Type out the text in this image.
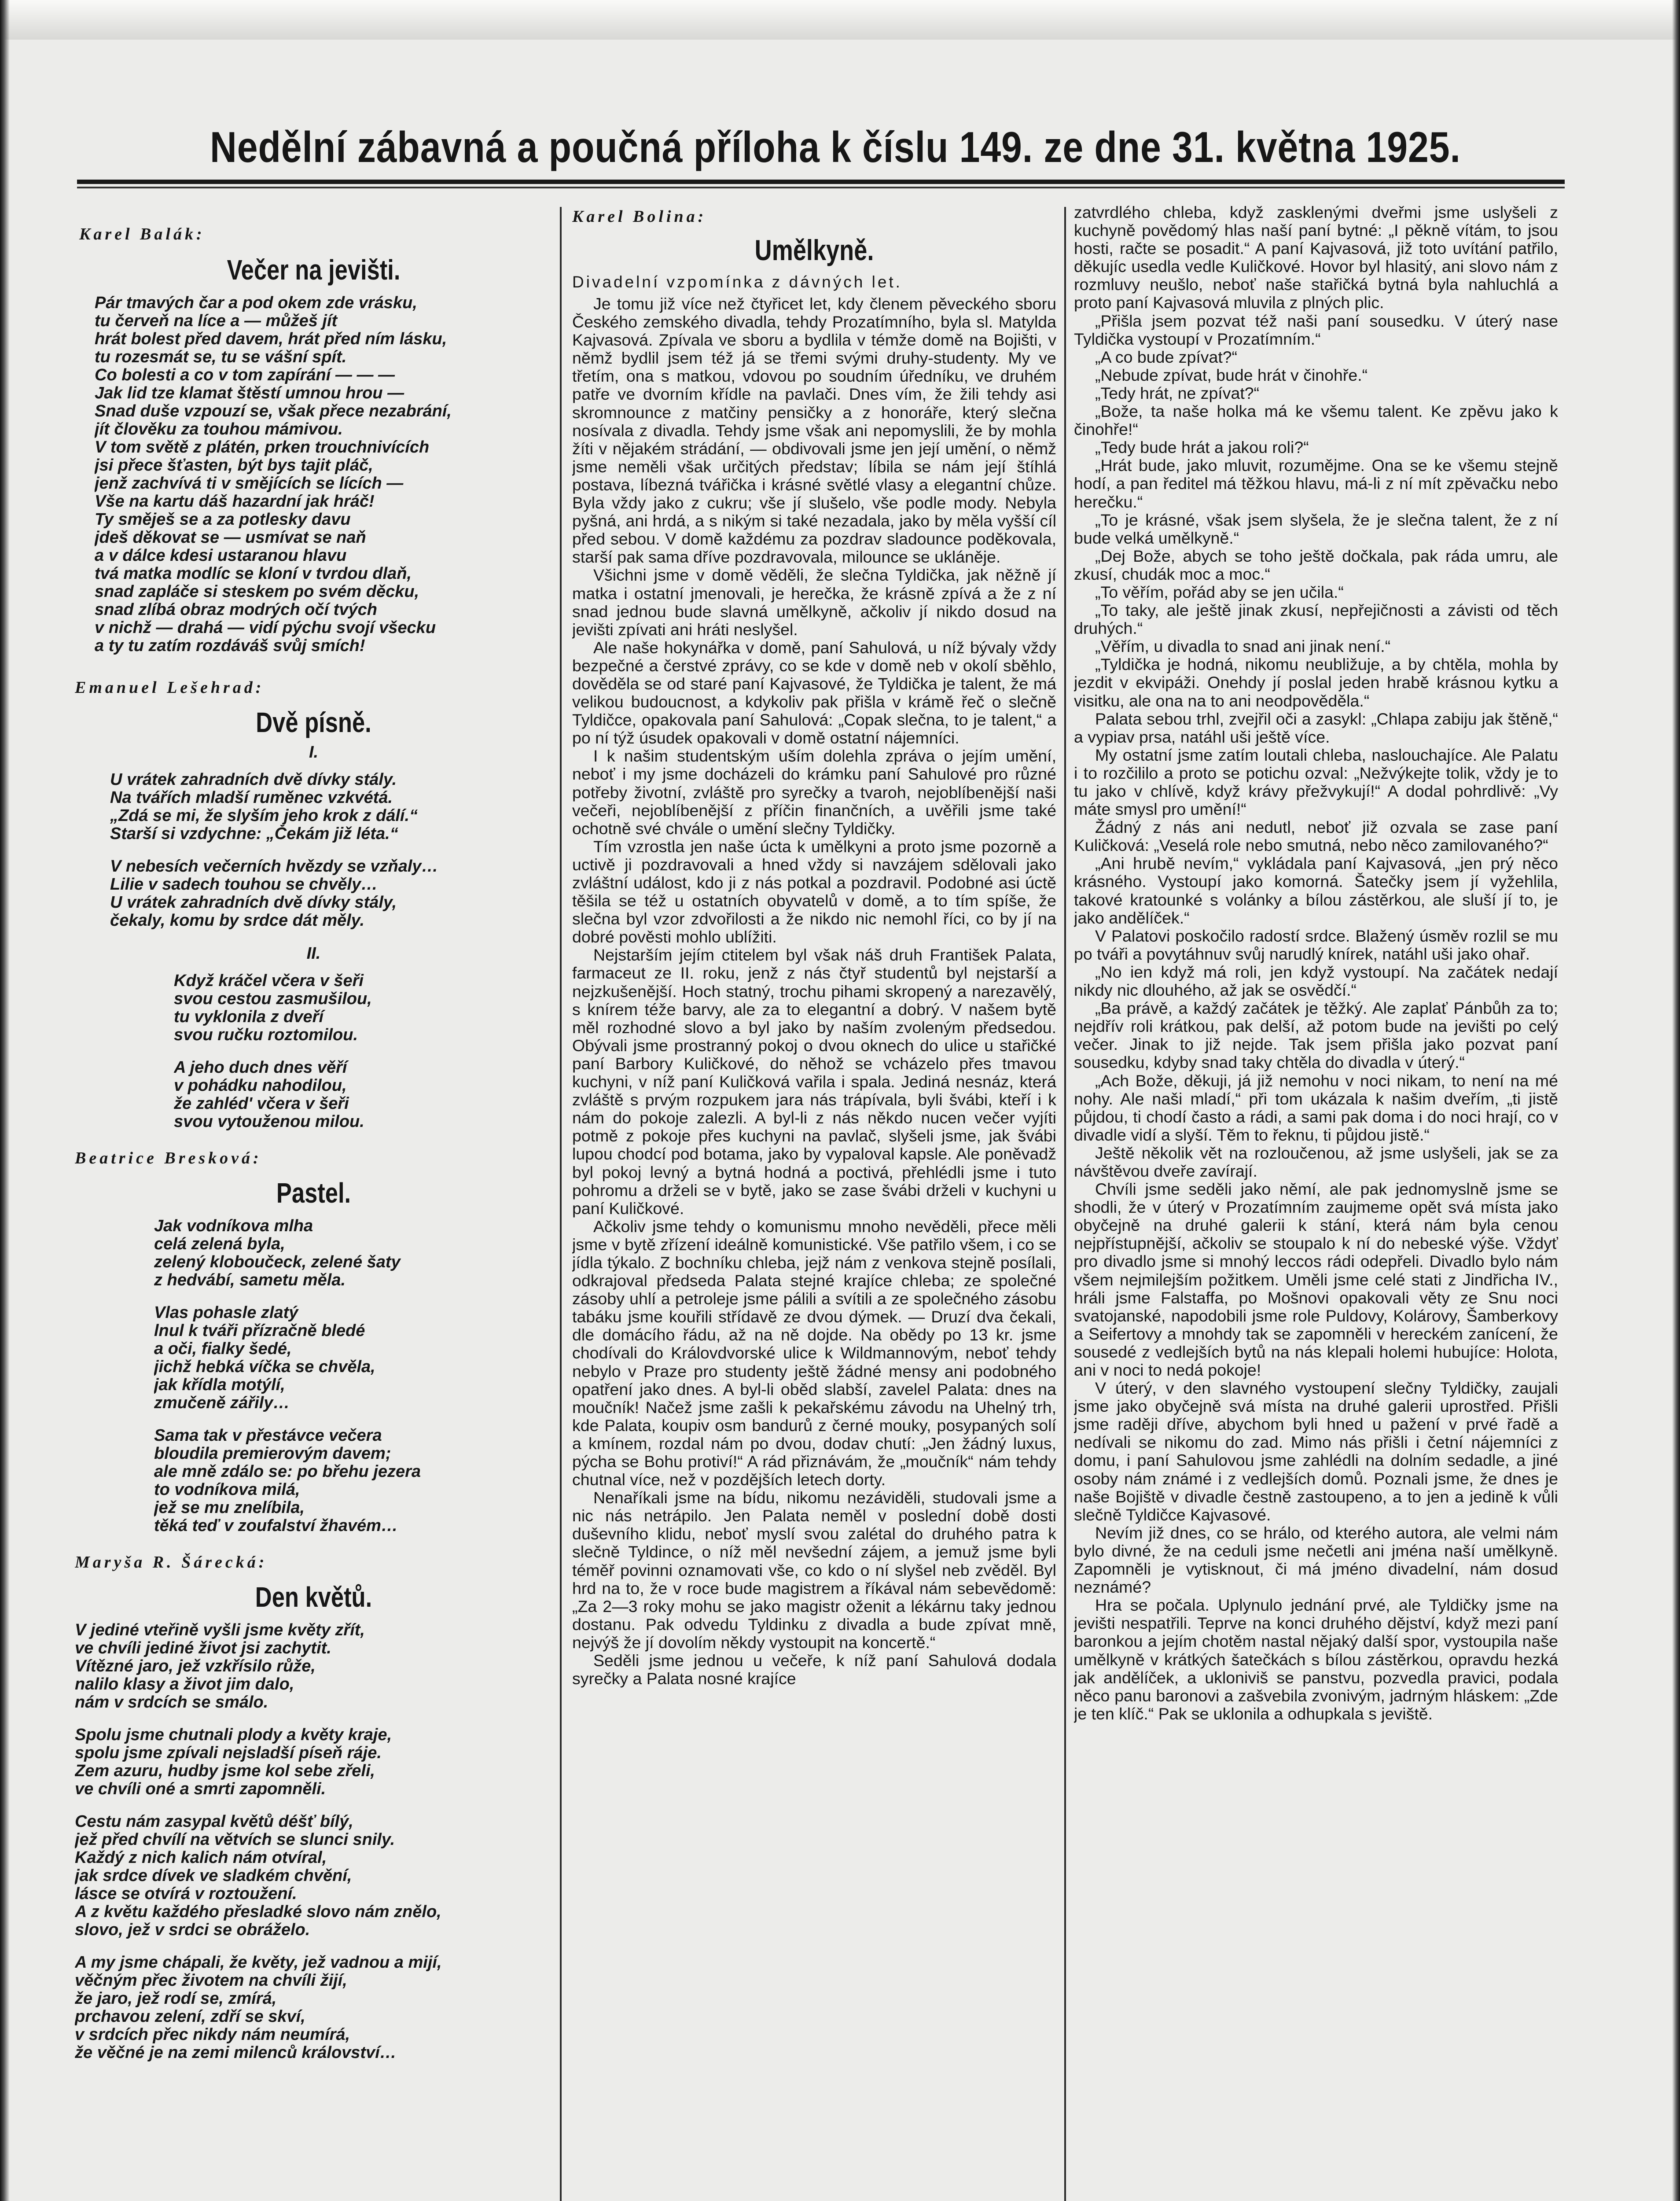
Nedělní zábavná a poučná příloha k číslu 149. ze dne 31. května 1925.
Karel Balák:
Večer na jevišti.
Pár tmavých čar a pod okem zde vrásku,
tu červeň na líce a — můžeš jít
hrát bolest před davem, hrát před ním lásku,
tu rozesmát se, tu se vášní spít.
Co bolesti a co v tom zapírání — — —
Jak lid tze klamat štěstí umnou hrou —
Snad duše vzpouzí se, však přece nezabrání,
jít člověku za touhou mámivou.
V tom světě z plátén, prken trouchnivících
jsi přece šťasten, být bys tajit pláč,
jenž zachvívá ti v smějících se lících —
Vše na kartu dáš hazardní jak hráč!
Ty směješ se a za potlesky davu
jdeš děkovat se — usmívat se naň
a v dálce kdesi ustaranou hlavu
tvá matka modlíc se kloní v tvrdou dlaň,
snad zapláče si steskem po svém děcku,
snad zlíbá obraz modrých očí tvých
v nichž — drahá — vidí pýchu svojí všecku
a ty tu zatím rozdáváš svůj smích!
Emanuel Lešehrad:
Dvě písně.
I.
U vrátek zahradních dvě dívky stály.
Na tvářích mladší ruměnec vzkvétá.
„Zdá se mi, že slyším jeho krok z dálí.“
Starší si vzdychne: „Čekám již léta.“
V nebesích večerních hvězdy se vzňaly…
Lilie v sadech touhou se chvěly…
U vrátek zahradních dvě dívky stály,
čekaly, komu by srdce dát měly.
II.
Když kráčel včera v šeři
svou cestou zasmušilou,
tu vyklonila z dveří
svou ručku roztomilou.
A jeho duch dnes věří
v pohádku nahodilou,
že zahléd' včera v šeři
svou vytouženou milou.
Beatrice Bresková:
Pastel.
Jak vodníkova mlha
celá zelená byla,
zelený kloboučeck, zelené šaty
z hedvábí, sametu měla.
Vlas pohasle zlatý
lnul k tváři přízračně bledé
a oči, fialky šedé,
jichž hebká víčka se chvěla,
jak křídla motýlí,
zmučeně zářily…
Sama tak v přestávce večera
bloudila premierovým davem;
ale mně zdálo se: po břehu jezera
to vodníkova milá,
jež se mu znelíbila,
těká teď v zoufalství žhavém…
Maryša R. Šárecká:
Den květů.
V jediné vteřině vyšli jsme květy zřít,
ve chvíli jediné život jsi zachytit.
Vítězné jaro, jež vzkřísilo růže,
nalilo klasy a život jim dalo,
nám v srdcích se smálo.
Spolu jsme chutnali plody a květy kraje,
spolu jsme zpívali nejsladší píseň ráje.
Zem azuru, hudby jsme kol sebe zřeli,
ve chvíli oné a smrti zapomněli.
Cestu nám zasypal květů déšť bílý,
jež před chvílí na větvích se slunci snily.
Každý z nich kalich nám otvíral,
jak srdce dívek ve sladkém chvění,
lásce se otvírá v roztoužení.
A z květu každého přesladké slovo nám znělo,
slovo, jež v srdci se obráželo.
A my jsme chápali, že květy, jež vadnou a mijí,
věčným přec životem na chvíli žijí,
že jaro, jež rodí se, zmírá,
prchavou zelení, zdří se skví,
v srdcích přec nikdy nám neumírá,
že věčné je na zemi milenců království…
Karel Bolina:
Umělkyně.
Divadelní vzpomínka z dávných let.

Je tomu již více než čtyřicet let, kdy členem pěveckého sboru Českého zemského divadla, tehdy Prozatímního, byla sl. Matylda Kajvasová. Zpívala ve sboru a bydlila v témže domě na Bojišti, v němž bydlil jsem též já se třemi svými druhy-studenty. My ve třetím, ona s matkou, vdovou po soudním úředníku, ve druhém patře ve dvorním křídle na pavlači. Dnes vím, že žili tehdy asi skromnounce z matčiny pensičky a z honoráře, který slečna nosívala z divadla. Tehdy jsme však ani nepomyslili, že by mohla žíti v nějakém strádání, — obdivovali jsme jen její umění, o němž jsme neměli však určitých představ; líbila se nám její štíhlá postava, líbezná tvářička i krásné světlé vlasy a elegantní chůze. Byla vždy jako z cukru; vše jí slušelo, vše podle mody. Nebyla pyšná, ani hrdá, a s nikým si také nezadala, jako by měla vyšší cíl před sebou. V domě každému za pozdrav sladounce poděkovala, starší pak sama dříve pozdravovala, milounce se ukláněje.

Všichni jsme v domě věděli, že slečna Tyldička, jak něžně jí matka i ostatní jmenovali, je herečka, že krásně zpívá a že z ní snad jednou bude slavná umělkyně, ačkoliv jí nikdo dosud na jevišti zpívati ani hráti neslyšel.

Ale naše hokynářka v domě, paní Sahulová, u níž bývaly vždy bezpečné a čerstvé zprávy, co se kde v domě neb v okolí sběhlo, dověděla se od staré paní Kajvasové, že Tyldička je talent, že má velikou budoucnost, a kdykoliv pak přišla v krámě řeč o slečně Tyldičce, opakovala paní Sahulová: „Copak slečna, to je talent,“ a po ní týž úsudek opakovali v domě ostatní nájemníci.

I k našim studentským uším dolehla zpráva o jejím umění, neboť i my jsme docházeli do krámku paní Sahulové pro různé potřeby životní, zvláště pro syrečky a tvaroh, nejoblíbenější naši večeři, nejoblíbenější z příčin finančních, a uvěřili jsme také ochotně své chvále o umění slečny Tyldičky.

Tím vzrostla jen naše úcta k umělkyni a proto jsme pozorně a uctivě ji pozdravovali a hned vždy si navzájem sdělovali jako zvláštní událost, kdo ji z nás potkal a pozdravil. Podobné asi úctě těšila se též u ostatních obyvatelů v domě, a to tím spíše, že slečna byl vzor zdvořilosti a že nikdo nic nemohl říci, co by jí na dobré pověsti mohlo ublížiti.

Nejstarším jejím ctitelem byl však náš druh František Palata, farmaceut ze II. roku, jenž z nás čtyř studentů byl nejstarší a nejzkušenější. Hoch statný, trochu pihami skropený a narezavělý, s knírem téže barvy, ale za to elegantní a dobrý. V našem bytě měl rozhodné slovo a byl jako by naším zvoleným předsedou. Obývali jsme prostranný pokoj o dvou oknech do ulice u stařičké paní Barbory Kuličkové, do něhož se vcházelo přes tmavou kuchyni, v níž paní Kuličková vařila i spala. Jediná nesnáz, která zvláště s prvým rozpukem jara nás trápívala, byli švábi, kteří i k nám do pokoje zalezli. A byl-li z nás někdo nucen večer vyjíti potmě z pokoje přes kuchyni na pavlač, slyšeli jsme, jak švábi lupou chodcí pod botama, jako by vypaloval kapsle. Ale poněvadž byl pokoj levný a bytná hodná a poctivá, přehlédli jsme i tuto pohromu a drželi se v bytě, jako se zase švábi drželi v kuchyni u paní Kuličkové.

Ačkoliv jsme tehdy o komunismu mnoho nevěděli, přece měli jsme v bytě zřízení ideálně komunistické. Vše patřilo všem, i co se jídla týkalo. Z bochníku chleba, jejž nám z venkova stejně posílali, odkrajoval předseda Palata stejné krajíce chleba; ze společné zásoby uhlí a petroleje jsme pálili a svítili a ze společného zásobu tabáku jsme kouřili střídavě ze dvou dýmek. — Druzí dva čekali, dle domácího řádu, až na ně dojde. Na obědy po 13 kr. jsme chodívali do Královdvorské ulice k Wildmannovým, neboť tehdy nebylo v Praze pro studenty ještě žádné mensy ani podobného opatření jako dnes. A byl-li oběd slabší, zavelel Palata: dnes na moučník! Načež jsme zašli k pekařskému závodu na Uhelný trh, kde Palata, koupiv osm bandurů z černé mouky, posypaných solí a kmínem, rozdal nám po dvou, dodav chutí: „Jen žádný luxus, pýcha se Bohu protiví!“ A rád přiznávám, že „moučník“ nám tehdy chutnal více, než v pozdějších letech dorty.

Nenaříkali jsme na bídu, nikomu nezáviděli, studovali jsme a nic nás netrápilo. Jen Palata neměl v poslední době dosti duševního klidu, neboť myslí svou zalétal do druhého patra k slečně Tyldince, o níž měl nevšední zájem, a jemuž jsme byli téměř povinni oznamovati vše, co kdo o ní slyšel neb zvěděl. Byl hrd na to, že v roce bude magistrem a říkával nám sebevědomě: „Za 2—3 roky mohu se jako magistr oženit a lékárnu taky jednou dostanu. Pak odvedu Tyldinku z divadla a bude zpívat mně, nejvýš že jí dovolím někdy vystoupit na koncertě.“

Seděli jsme jednou u večeře, k níž paní Sahulová dodala syrečky a Palata nosné krajíce

zatvrdlého chleba, když zasklenými dveřmi jsme uslyšeli z kuchyně povědomý hlas naší paní bytné: „I pěkně vítám, to jsou hosti, račte se posadit.“ A paní Kajvasová, již toto uvítání patřilo, děkujíc usedla vedle Kuličkové. Hovor byl hlasitý, ani slovo nám z rozmluvy neušlo, neboť naše stařičká bytná byla nahluchlá a proto paní Kajvasová mluvila z plných plic.

„Přišla jsem pozvat též naši paní sousedku. V úterý nase Tyldička vystoupí v Prozatímním.“

„A co bude zpívat?“

„Nebude zpívat, bude hrát v činohře.“

„Tedy hrát, ne zpívat?“

„Bože, ta naše holka má ke všemu talent. Ke zpěvu jako k činohře!“

„Tedy bude hrát a jakou roli?“

„Hrát bude, jako mluvit, rozumějme. Ona se ke všemu stejně hodí, a pan ředitel má těžkou hlavu, má-li z ní mít zpěvačku nebo herečku.“

„To je krásné, však jsem slyšela, že je slečna talent, že z ní bude velká umělkyně.“

„Dej Bože, abych se toho ještě dočkala, pak ráda umru, ale zkusí, chudák moc a moc.“

„To věřím, pořád aby se jen učila.“

„To taky, ale ještě jinak zkusí, nepřejičnosti a závisti od těch druhých.“

„Věřím, u divadla to snad ani jinak není.“

„Tyldička je hodná, nikomu neubližuje, a by chtěla, mohla by jezdit v ekvipáži. Onehdy jí poslal jeden hrabě krásnou kytku a visitku, ale ona na to ani neodpověděla.“

Palata sebou trhl, zvejřil oči a zasykl: „Chlapa zabiju jak štěně,“ a vypiav prsa, natáhl uši ještě více.

My ostatní jsme zatím loutali chleba, naslouchajíce. Ale Palatu i to rozčililo a proto se potichu ozval: „Nežvýkejte tolik, vždy je to tu jako v chlívě, když krávy přežvykují!“ A dodal pohrdlivě: „Vy máte smysl pro umění!“

Žádný z nás ani nedutl, neboť již ozvala se zase paní Kuličková: „Veselá role nebo smutná, nebo něco zamilovaného?“

„Ani hrubě nevím,“ vykládala paní Kajvasová, „jen prý něco krásného. Vystoupí jako komorná. Šatečky jsem jí vyžehlila, takové kratounké s volánky a bílou zástěrkou, ale sluší jí to, je jako andělíček.“

V Palatovi poskočilo radostí srdce. Blažený úsměv rozlil se mu po tváři a povytáhnuv svůj narudlý knírek, natáhl uši jako ohař.

„No ien když má roli, jen když vystoupí. Na začátek nedají nikdy nic dlouhého, až jak se osvědčí.“

„Ba právě, a každý začátek je těžký. Ale zaplať Pánbůh za to; nejdřív roli krátkou, pak delší, až potom bude na jevišti po celý večer. Jinak to již nejde. Tak jsem přišla jako pozvat paní sousedku, kdyby snad taky chtěla do divadla v úterý.“

„Ach Bože, děkuji, já již nemohu v noci nikam, to není na mé nohy. Ale naši mladí,“ při tom ukázala k našim dveřím, „ti jistě půjdou, ti chodí často a rádi, a sami pak doma i do noci hrají, co v divadle vidí a slyší. Těm to řeknu, ti půjdou jistě.“

Ještě několik vět na rozloučenou, až jsme uslyšeli, jak se za návštěvou dveře zavírají.

Chvíli jsme seděli jako němí, ale pak jednomyslně jsme se shodli, že v úterý v Prozatímním zaujmeme opět svá místa jako obyčejně na druhé galerii k stání, která nám byla cenou nejpřístupnější, ačkoliv se stoupalo k ní do nebeské výše. Vždyť pro divadlo jsme si mnohý leccos rádi odepřeli. Divadlo bylo nám všem nejmilejším požitkem. Uměli jsme celé stati z Jindřicha IV., hráli jsme Falstaffa, po Mošnovi opakovali věty ze Snu noci svatojanské, napodobili jsme role Puldovy, Kolárovy, Šamberkovy a Seifertovy a mnohdy tak se zapomněli v hereckém zanícení, že sousedé z vedlejších bytů na nás klepali holemi hubujíce: Holota, ani v noci to nedá pokoje!

V úterý, v den slavného vystoupení slečny Tyldičky, zaujali jsme jako obyčejně svá místa na druhé galerii uprostřed. Přišli jsme raději dříve, abychom byli hned u pažení v prvé řadě a nedívali se nikomu do zad. Mimo nás přišli i četní nájemníci z domu, i paní Sahulovou jsme zahlédli na dolním sedadle, a jiné osoby nám známé i z vedlejších domů. Poznali jsme, že dnes je naše Bojiště v divadle čestně zastoupeno, a to jen a jedině k vůli slečně Tyldičce Kajvasové.

Nevím již dnes, co se hrálo, od kterého autora, ale velmi nám bylo divné, že na ceduli jsme nečetli ani jména naší umělkyně. Zapomněli je vytisknout, či má jméno divadelní, nám dosud neznámé?

Hra se počala. Uplynulo jednání prvé, ale Tyldičky jsme na jevišti nespatřili. Teprve na konci druhého dějství, když mezi paní baronkou a jejím chotěm nastal nějaký další spor, vystoupila naše umělkyně v krátkých šatečkách s bílou zástěrkou, opravdu hezká jak andělíček, a ukloniviš se panstvu, pozvedla pravici, podala něco panu baronovi a zašvebila zvonivým, jadrným hláskem: „Zde je ten klíč.“ Pak se uklonila a odhupkala s jeviště.
